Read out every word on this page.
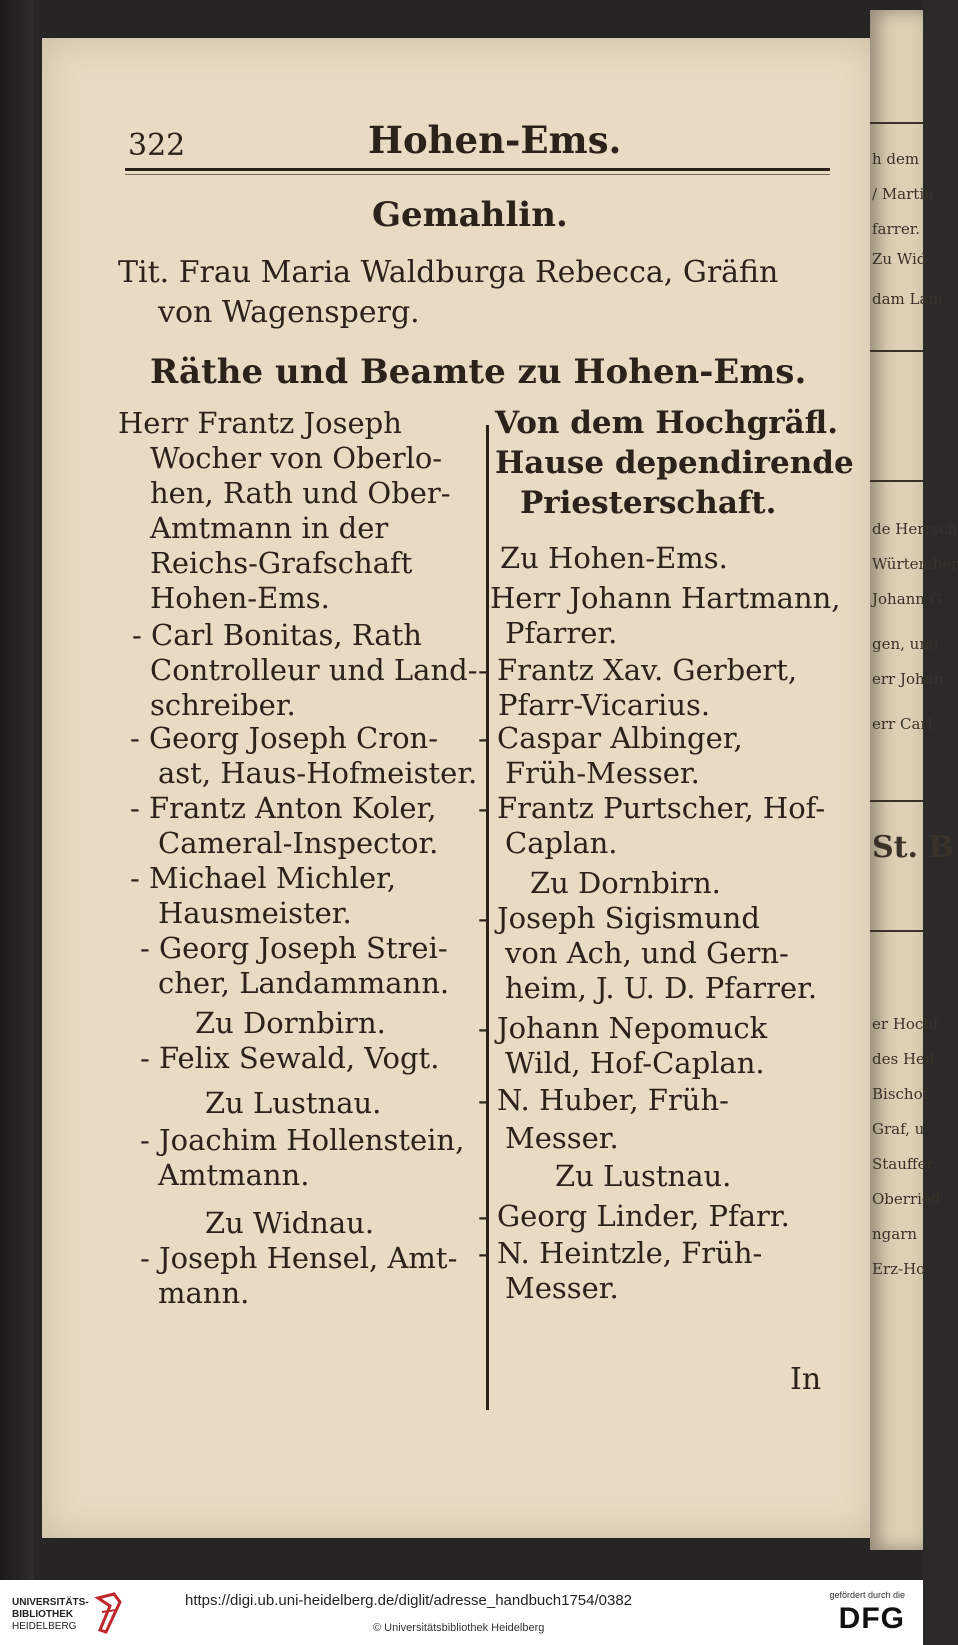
h dem
/ Martin
farrer.
Zu Wid
dam Lam
de Herrsch
Würtember
Johann G
gen, und
err Johan
err Carl
St. B
er Hochf
des Heil
Bischof
Graf, u
Stauffer
Oberried
ngarn
Erz-Ho
322	Hohen-Ems.
Gemahlin.
Tit. Frau Maria Waldburga Rebecca, Gräfin
von Wagensperg.
Räthe und Beamte zu Hohen-Ems.
Herr Frantz Joseph
Wocher von Oberlo-
hen, Rath und Ober-
Amtmann in der
Reichs-Grafschaft
Hohen-Ems.
- Carl Bonitas, Rath
Controlleur und Land-
schreiber.
- Georg Joseph Cron-
ast, Haus-Hofmeister.
- Frantz Anton Koler,
Cameral-Inspector.
- Michael Michler,
Hausmeister.
- Georg Joseph Strei-
cher, Landammann.
Zu Dornbirn.
- Felix Sewald, Vogt.
Zu Lustnau.
- Joachim Hollenstein,
Amtmann.
Zu Widnau.
- Joseph Hensel, Amt-
mann.
Von dem Hochgräfl.
Hause dependirende
Priesterschaft.
Zu Hohen-Ems.
Herr Johann Hartmann,
Pfarrer.
- Frantz Xav. Gerbert,
Pfarr-Vicarius.
- Caspar Albinger,
Früh-Messer.
- Frantz Purtscher, Hof-
Caplan.
Zu Dornbirn.
- Joseph Sigismund
von Ach, und Gern-
heim, J. U. D. Pfarrer.
- Johann Nepomuck
Wild, Hof-Caplan.
- N. Huber, Früh-
Messer.
Zu Lustnau.
- Georg Linder, Pfarr.
- N. Heintzle, Früh-
Messer.
In
UNIVERSITÄTS-
BIBLIOTHEK
HEIDELBERG
https://digi.ub.uni-heidelberg.de/diglit/adresse_handbuch1754/0382
© Universitätsbibliothek Heidelberg
gefördert durch die
DFG
